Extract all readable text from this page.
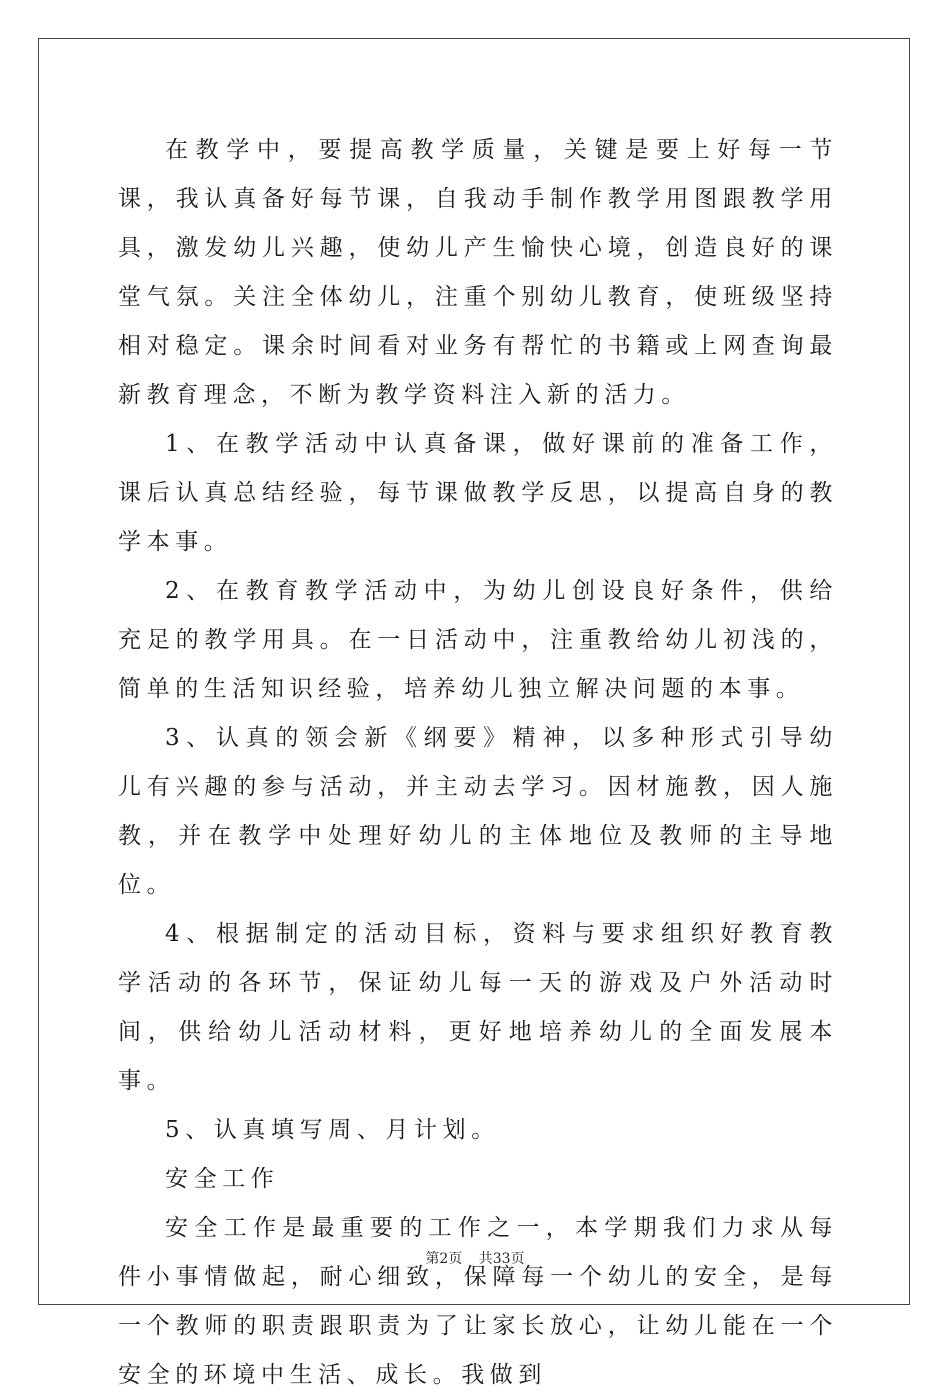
在教学中，要提高教学质量，关键是要上好每一节课，我认真备好每节课，自我动手制作教学用图跟教学用具，激发幼儿兴趣，使幼儿产生愉快心境，创造良好的课堂气氛。关注全体幼儿，注重个别幼儿教育，使班级坚持相对稳定。课余时间看对业务有帮忙的书籍或上网查询最新教育理念，不断为教学资料注入新的活力。

1、在教学活动中认真备课，做好课前的准备工作，课后认真总结经验，每节课做教学反思，以提高自身的教学本事。

2、在教育教学活动中，为幼儿创设良好条件，供给充足的教学用具。在一日活动中，注重教给幼儿初浅的，简单的生活知识经验，培养幼儿独立解决问题的本事。

3、认真的领会新《纲要》精神，以多种形式引导幼儿有兴趣的参与活动，并主动去学习。因材施教，因人施教，并在教学中处理好幼儿的主体地位及教师的主导地位。

4、根据制定的活动目标，资料与要求组织好教育教学活动的各环节，保证幼儿每一天的游戏及户外活动时间，供给幼儿活动材料，更好地培养幼儿的全面发展本事。

5、认真填写周、月计划。

安全工作

安全工作是最重要的工作之一，本学期我们力求从每件小事情做起，耐心细致，保障每一个幼儿的安全，是每一个教师的职责跟职责为了让家长放心，让幼儿能在一个安全的环境中生活、成长。我做到

第2页 共33页
